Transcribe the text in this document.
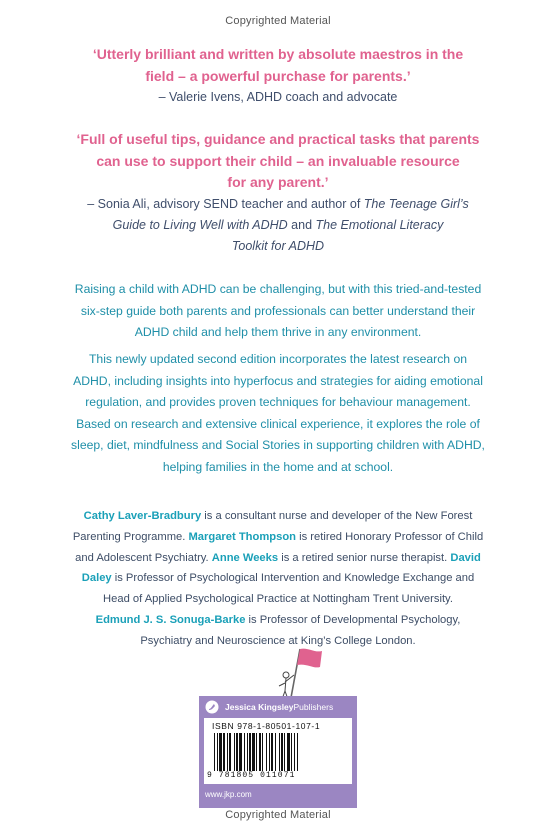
Copyrighted Material
‘Utterly brilliant and written by absolute maestros in the
field – a powerful purchase for parents.’
– Valerie Ivens, ADHD coach and advocate
‘Full of useful tips, guidance and practical tasks that parents
can use to support their child – an invaluable resource
for any parent.’
– Sonia Ali, advisory SEND teacher and author of The Teenage Girl’s
Guide to Living Well with ADHD and The Emotional Literacy
Toolkit for ADHD
Raising a child with ADHD can be challenging, but with this tried-and-tested
six-step guide both parents and professionals can better understand their
ADHD child and help them thrive in any environment.
This newly updated second edition incorporates the latest research on
ADHD, including insights into hyperfocus and strategies for aiding emotional
regulation, and provides proven techniques for behaviour management.
Based on research and extensive clinical experience, it explores the role of
sleep, diet, mindfulness and Social Stories in supporting children with ADHD,
helping families in the home and at school.
Cathy Laver-Bradbury is a consultant nurse and developer of the New Forest
Parenting Programme. Margaret Thompson is retired Honorary Professor of Child
and Adolescent Psychiatry. Anne Weeks is a retired senior nurse therapist. David
Daley is Professor of Psychological Intervention and Knowledge Exchange and
Head of Applied Psychological Practice at Nottingham Trent University.
Edmund J. S. Sonuga-Barke is Professor of Developmental Psychology,
Psychiatry and Neuroscience at King’s College London.
Jessica Kingsley Publishers
ISBN 978-1-80501-107-1
9 781805 011071
www.jkp.com
Copyrighted Material
